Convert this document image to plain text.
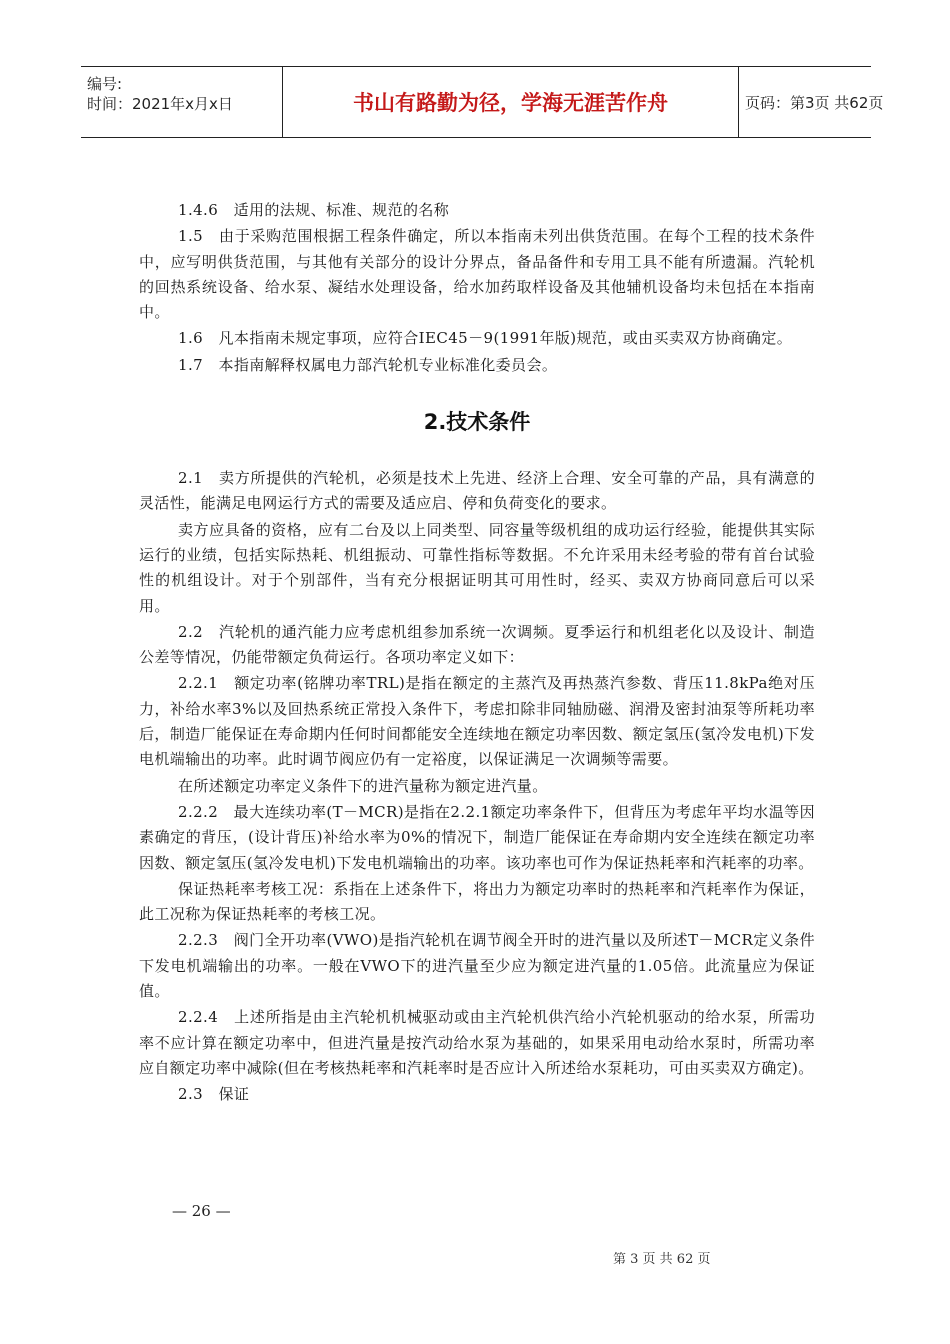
编号:
时间：2021年x月x日	书山有路勤为径，学海无涯苦作舟	页码：第3页 共62页

1.4.6　适用的法规、标准、规范的名称

1.5　由于采购范围根据工程条件确定，所以本指南未列出供货范围。在每个工程的技术条件中，应写明供货范围，与其他有关部分的设计分界点，备品备件和专用工具不能有所遗漏。汽轮机的回热系统设备、给水泵、凝结水处理设备，给水加药取样设备及其他辅机设备均未包括在本指南中。

1.6　凡本指南未规定事项，应符合IEC45－9(1991年版)规范，或由买卖双方协商确定。

1.7　本指南解释权属电力部汽轮机专业标准化委员会。

2.技术条件

2.1　卖方所提供的汽轮机，必须是技术上先进、经济上合理、安全可靠的产品，具有满意的灵活性，能满足电网运行方式的需要及适应启、停和负荷变化的要求。

卖方应具备的资格，应有二台及以上同类型、同容量等级机组的成功运行经验，能提供其实际运行的业绩，包括实际热耗、机组振动、可靠性指标等数据。不允许采用未经考验的带有首台试验性的机组设计。对于个别部件，当有充分根据证明其可用性时，经买、卖双方协商同意后可以采用。

2.2　汽轮机的通汽能力应考虑机组参加系统一次调频。夏季运行和机组老化以及设计、制造公差等情况，仍能带额定负荷运行。各项功率定义如下：

2.2.1　额定功率(铭牌功率TRL)是指在额定的主蒸汽及再热蒸汽参数、背压11.8kPa绝对压力，补给水率3%以及回热系统正常投入条件下，考虑扣除非同轴励磁、润滑及密封油泵等所耗功率后，制造厂能保证在寿命期内任何时间都能安全连续地在额定功率因数、额定氢压(氢冷发电机)下发电机端输出的功率。此时调节阀应仍有一定裕度，以保证满足一次调频等需要。

在所述额定功率定义条件下的进汽量称为额定进汽量。

2.2.2　最大连续功率(T－MCR)是指在2.2.1额定功率条件下，但背压为考虑年平均水温等因素确定的背压，(设计背压)补给水率为0%的情况下，制造厂能保证在寿命期内安全连续在额定功率因数、额定氢压(氢冷发电机)下发电机端输出的功率。该功率也可作为保证热耗率和汽耗率的功率。

保证热耗率考核工况：系指在上述条件下，将出力为额定功率时的热耗率和汽耗率作为保证，此工况称为保证热耗率的考核工况。

2.2.3　阀门全开功率(VWO)是指汽轮机在调节阀全开时的进汽量以及所述T－MCR定义条件下发电机端输出的功率。一般在VWO下的进汽量至少应为额定进汽量的1.05倍。此流量应为保证值。

2.2.4　上述所指是由主汽轮机机械驱动或由主汽轮机供汽给小汽轮机驱动的给水泵，所需功率不应计算在额定功率中，但进汽量是按汽动给水泵为基础的，如果采用电动给水泵时，所需功率应自额定功率中减除(但在考核热耗率和汽耗率时是否应计入所述给水泵耗功，可由买卖双方确定)。

2.3　保证

— 26 —
第 3 页 共 62 页
